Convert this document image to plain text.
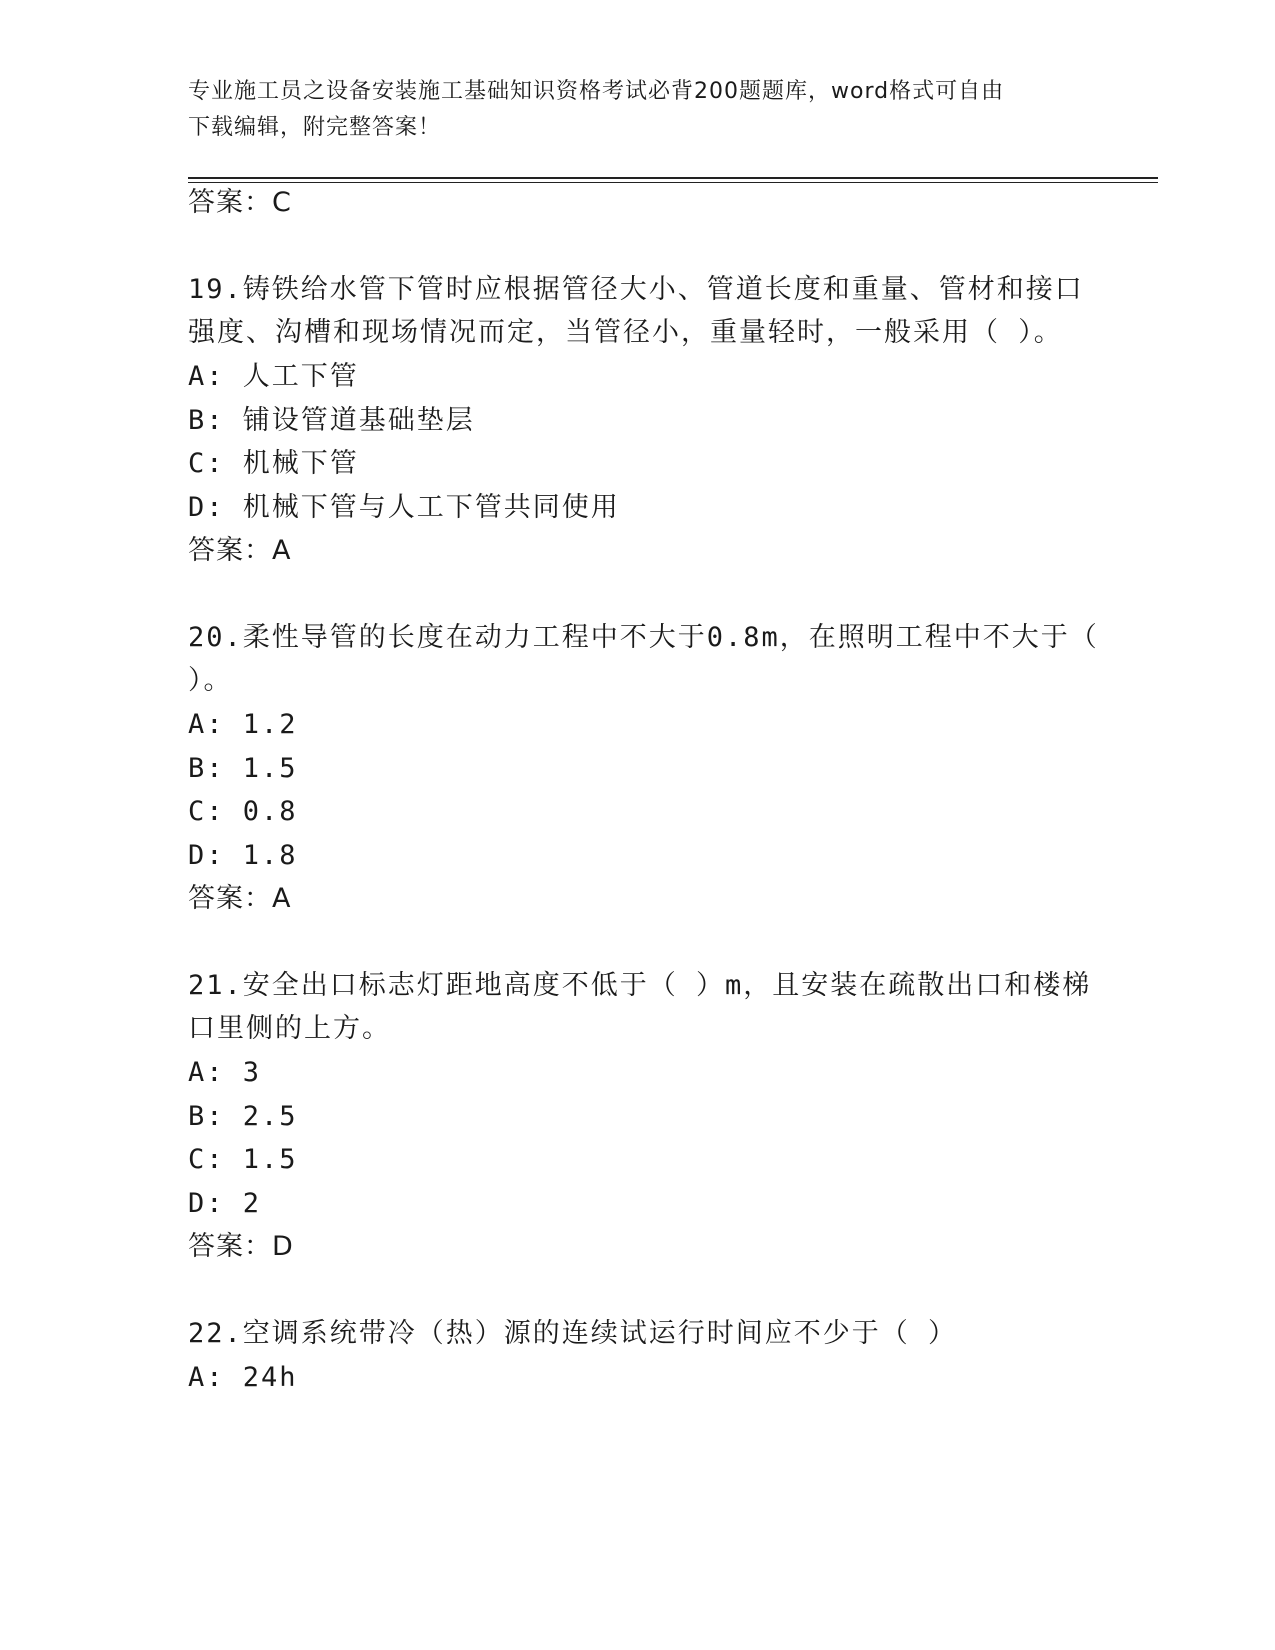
专业施工员之设备安装施工基础知识资格考试必背200题题库，word格式可自由
下载编辑，附完整答案！
答案：C
19.铸铁给水管下管时应根据管径大小、管道长度和重量、管材和接口
强度、沟槽和现场情况而定，当管径小，重量轻时，一般采用（ ）。
A: 人工下管
B: 铺设管道基础垫层
C: 机械下管
D: 机械下管与人工下管共同使用
答案：A
20.柔性导管的长度在动力工程中不大于0.8m，在照明工程中不大于（
）。
A: 1.2
B: 1.5
C: 0.8
D: 1.8
答案：A
21.安全出口标志灯距地高度不低于（ ）m，且安装在疏散出口和楼梯
口里侧的上方。
A: 3
B: 2.5
C: 1.5
D: 2
答案：D
22.空调系统带冷（热）源的连续试运行时间应不少于（ ）
A: 24h
